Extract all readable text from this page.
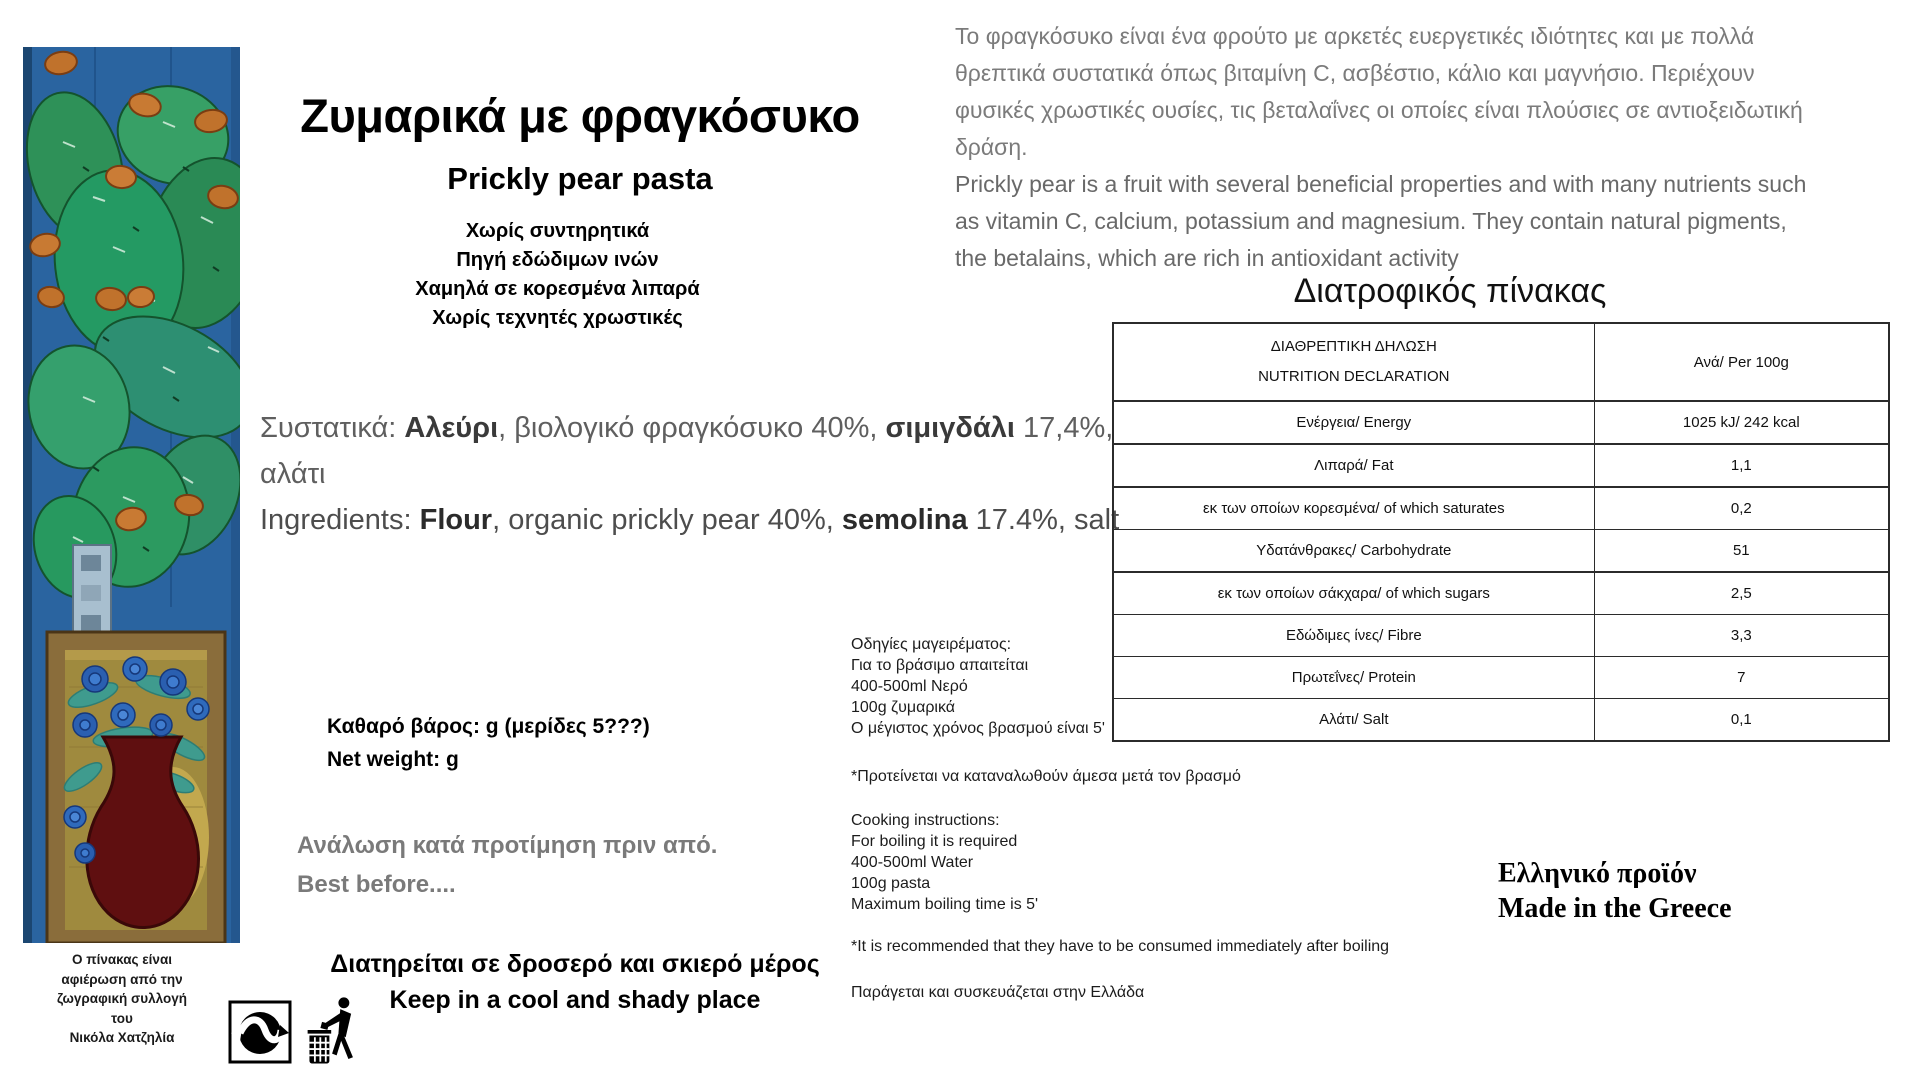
Ο πίνακας είναι
αφιέρωση από την
ζωγραφική συλλογή
του
Νικόλα Χατζηλία
Ζυμαρικά με φραγκόσυκο
Prickly pear pasta
Χωρίς συντηρητικά
Πηγή εδώδιμων ινών
Χαμηλά σε κορεσμένα λιπαρά
Χωρίς τεχνητές χρωστικές
Το φραγκόσυκο είναι ένα φρούτο με αρκετές ευεργετικές ιδιότητες και με πολλά θρεπτικά συστατικά όπως βιταμίνη C, ασβέστιο, κάλιο και μαγνήσιο. Περιέχουν φυσικές χρωστικές ουσίες, τις βεταλαΐνες οι οποίες είναι πλούσιες σε αντιοξειδωτική δράση.
Prickly pear is a fruit with several beneficial properties and with many nutrients such as vitamin C, calcium, potassium and magnesium. They contain natural pigments, the betalains, which are rich in antioxidant activity
Συστατικά: Αλεύρι, βιολογικό φραγκόσυκο 40%, σιμιγδάλι 17,4%, αλάτι
Ingredients: Flour, organic prickly pear 40%, semolina 17.4%, salt
Διατροφικός πίνακας
ΔΙΑΘΡΕΠΤΙΚΗ ΔΗΛΩΣΗ
NUTRITION DECLARATION	Ανά/ Per 100g
Ενέργεια/ Energy	1025 kJ/ 242 kcal
Λιπαρά/ Fat	1,1
εκ των οποίων κορεσμένα/ of which saturates	0,2
Υδατάνθρακες/ Carbohydrate	51
εκ των οποίων σάκχαρα/ of which sugars	2,5
Εδώδιμες ίνες/ Fibre	3,3
Πρωτεΐνες/ Protein	7
Αλάτι/ Salt	0,1
Καθαρό βάρος: g (μερίδες 5???)
Net weight: g
Ανάλωση κατά προτίμηση πριν από.
Best before....
Διατηρείται σε δροσερό και σκιερό μέρος
Keep in a cool and shady place
Οδηγίες μαγειρέματος:
Για το βράσιμο απαιτείται
400-500ml Νερό
100g ζυμαρικά
Ο μέγιστος χρόνος βρασμού είναι 5'
*Προτείνεται να καταναλωθούν άμεσα μετά τον βρασμό
Cooking instructions:
For boiling it is required
400-500ml Water
100g pasta
Maximum boiling time is 5'
*It is recommended that they have to be consumed immediately after boiling
Παράγεται και συσκευάζεται στην Ελλάδα
Ελληνικό προϊόν
Made in the Greece
